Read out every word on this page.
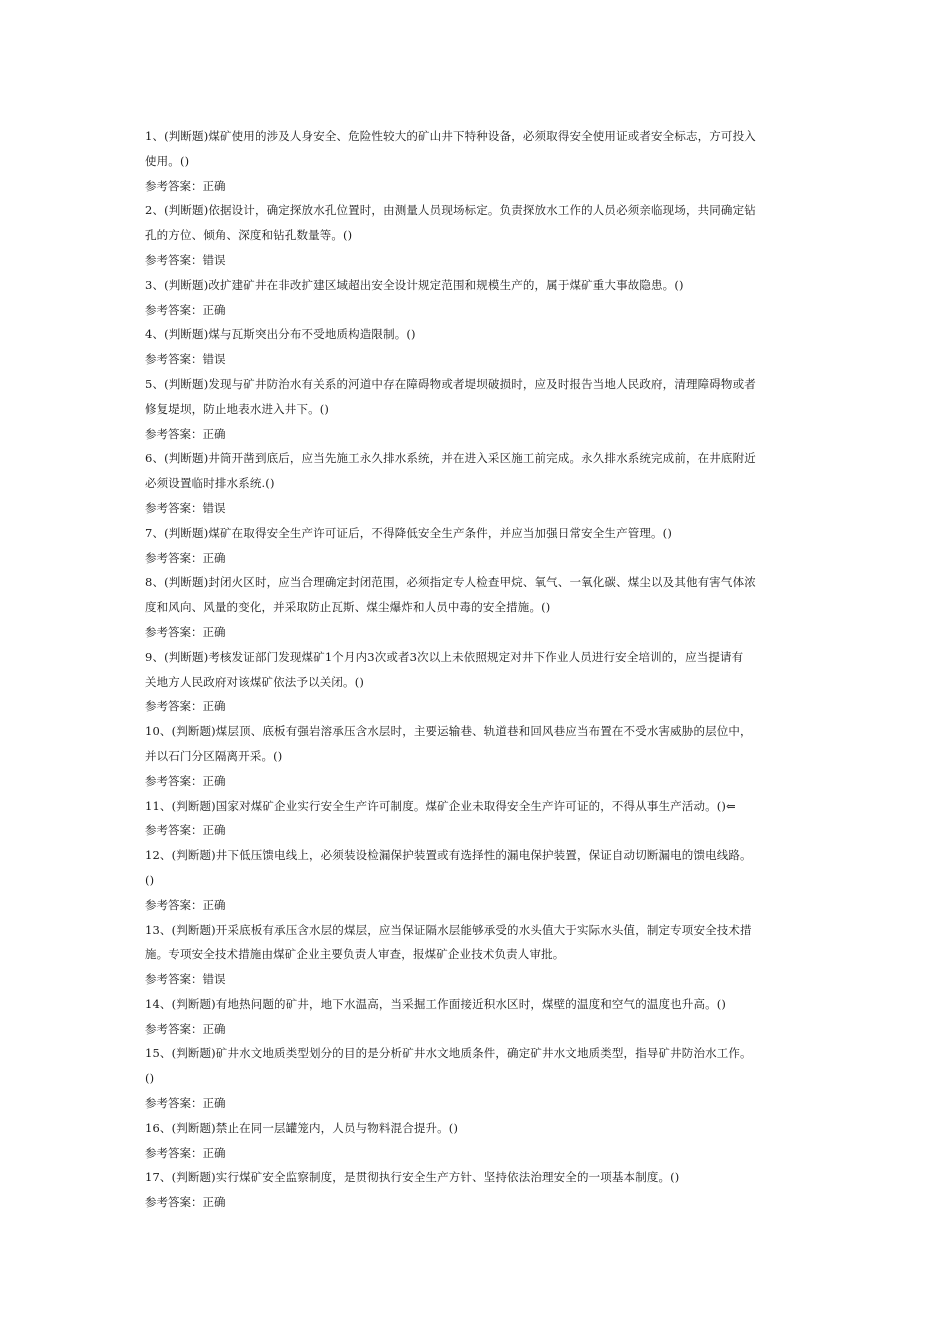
1、(判断题)煤矿使用的涉及人身安全、危险性较大的矿山井下特种设备，必须取得安全使用证或者安全标志，方可投入
使用。()
参考答案：正确
2、(判断题)依据设计，确定探放水孔位置时，由测量人员现场标定。负责探放水工作的人员必须亲临现场，共同确定钻
孔的方位、倾角、深度和钻孔数量等。()
参考答案：错误
3、(判断题)改扩建矿井在非改扩建区域超出安全设计规定范围和规模生产的，属于煤矿重大事故隐患。()
参考答案：正确
4、(判断题)煤与瓦斯突出分布不受地质构造限制。()
参考答案：错误
5、(判断题)发现与矿井防治水有关系的河道中存在障碍物或者堤坝破损时，应及时报告当地人民政府，清理障碍物或者
修复堤坝，防止地表水进入井下。()
参考答案：正确
6、(判断题)井筒开凿到底后，应当先施工永久排水系统，并在进入采区施工前完成。永久排水系统完成前，在井底附近
必须设置临时排水系统.()
参考答案：错误
7、(判断题)煤矿在取得安全生产许可证后，不得降低安全生产条件，并应当加强日常安全生产管理。()
参考答案：正确
8、(判断题)封闭火区时，应当合理确定封闭范围，必须指定专人检查甲烷、氧气、一氧化碳、煤尘以及其他有害气体浓
度和风向、风量的变化，并采取防止瓦斯、煤尘爆炸和人员中毒的安全措施。()
参考答案：正确
9、(判断题)考核发证部门发现煤矿1个月内3次或者3次以上未依照规定对井下作业人员进行安全培训的，应当提请有
关地方人民政府对该煤矿依法予以关闭。()
参考答案：正确
10、(判断题)煤层顶、底板有强岩溶承压含水层时，主要运输巷、轨道巷和回风巷应当布置在不受水害威胁的层位中，
并以石门分区隔离开采。()
参考答案：正确
11、(判断题)国家对煤矿企业实行安全生产许可制度。煤矿企业未取得安全生产许可证的，不得从事生产活动。()⇐
参考答案：正确
12、(判断题)井下低压馈电线上，必须装设检漏保护装置或有选择性的漏电保护装置，保证自动切断漏电的馈电线路。
()
参考答案：正确
13、(判断题)开采底板有承压含水层的煤层，应当保证隔水层能够承受的水头值大于实际水头值，制定专项安全技术措
施。专项安全技术措施由煤矿企业主要负责人审查，报煤矿企业技术负责人审批。
参考答案：错误
14、(判断题)有地热问题的矿井，地下水温高，当采掘工作面接近积水区时，煤壁的温度和空气的温度也升高。()
参考答案：正确
15、(判断题)矿井水文地质类型划分的目的是分析矿井水文地质条件，确定矿井水文地质类型，指导矿井防治水工作。
()
参考答案：正确
16、(判断题)禁止在同一层罐笼内，人员与物料混合提升。()
参考答案：正确
17、(判断题)实行煤矿安全监察制度，是贯彻执行安全生产方针、坚持依法治理安全的一项基本制度。()
参考答案：正确
